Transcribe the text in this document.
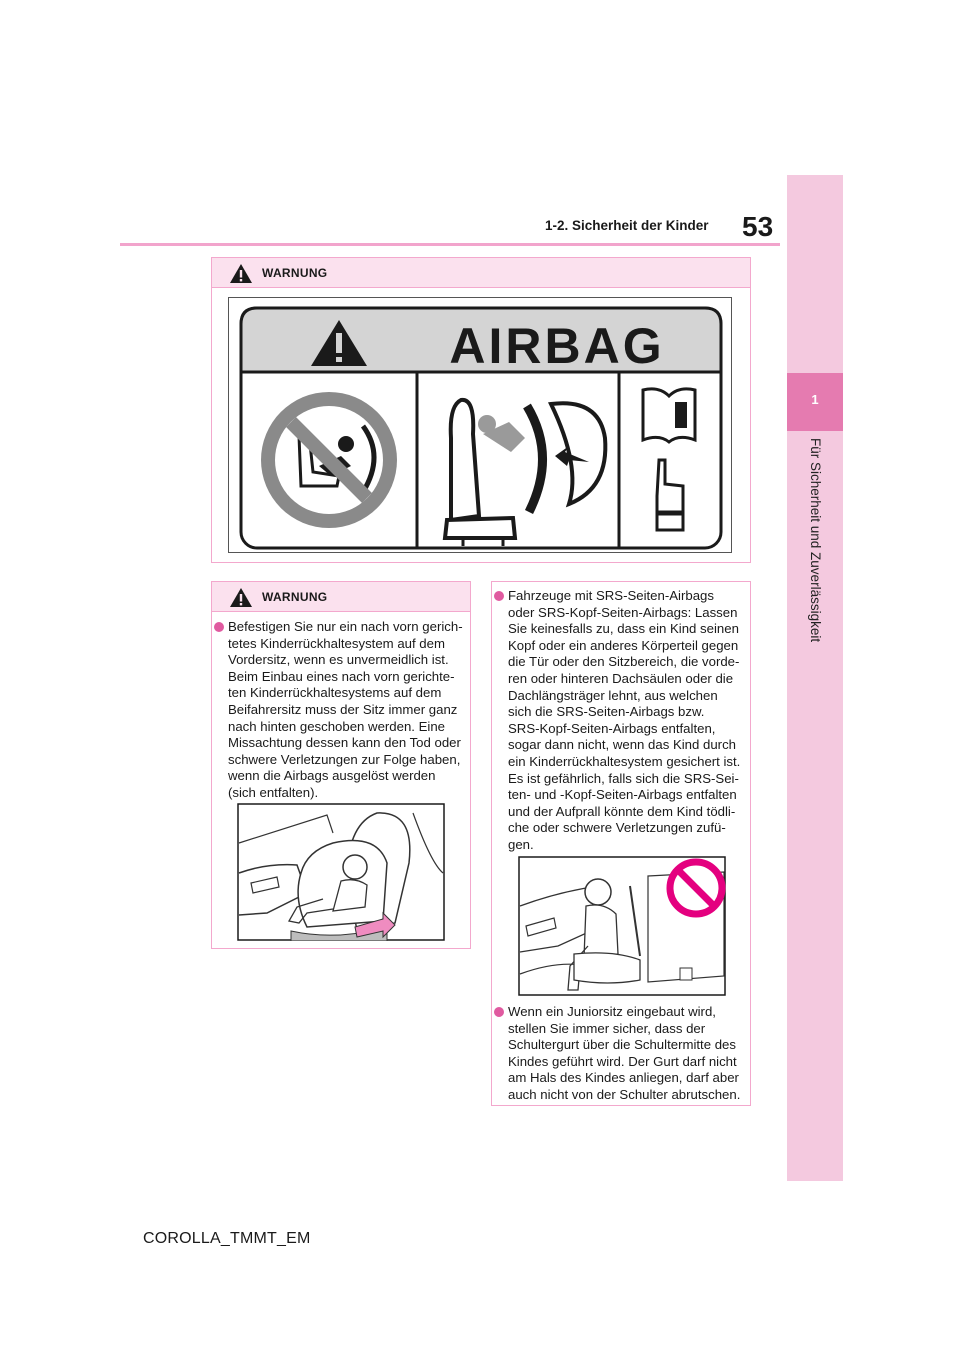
53
1-2. Sicherheit der Kinder
1
Für Sicherheit und Zuverlässigkeit
WARNUNG
AIRBAG
WARNUNG
Befestigen Sie nur ein nach vorn gerich-
tetes Kinderrückhaltesystem auf dem
Vordersitz, wenn es unvermeidlich ist.
Beim Einbau eines nach vorn gerichte-
ten Kinderrückhaltesystems auf dem
Beifahrersitz muss der Sitz immer ganz
nach hinten geschoben werden. Eine
Missachtung dessen kann den Tod oder
schwere Verletzungen zur Folge haben,
wenn die Airbags ausgelöst werden
(sich entfalten).
Fahrzeuge mit SRS-Seiten-Airbags
oder SRS-Kopf-Seiten-Airbags: Lassen
Sie keinesfalls zu, dass ein Kind seinen
Kopf oder ein anderes Körperteil gegen
die Tür oder den Sitzbereich, die vorde-
ren oder hinteren Dachsäulen oder die
Dachlängsträger lehnt, aus welchen
sich die SRS-Seiten-Airbags bzw.
SRS-Kopf-Seiten-Airbags entfalten,
sogar dann nicht, wenn das Kind durch
ein Kinderrückhaltesystem gesichert ist.
Es ist gefährlich, falls sich die SRS-Sei-
ten- und -Kopf-Seiten-Airbags entfalten
und der Aufprall könnte dem Kind tödli-
che oder schwere Verletzungen zufü-
gen.
Wenn ein Juniorsitz eingebaut wird,
stellen Sie immer sicher, dass der
Schultergurt über die Schultermitte des
Kindes geführt wird. Der Gurt darf nicht
am Hals des Kindes anliegen, darf aber
auch nicht von der Schulter abrutschen.
COROLLA_TMMT_EM
